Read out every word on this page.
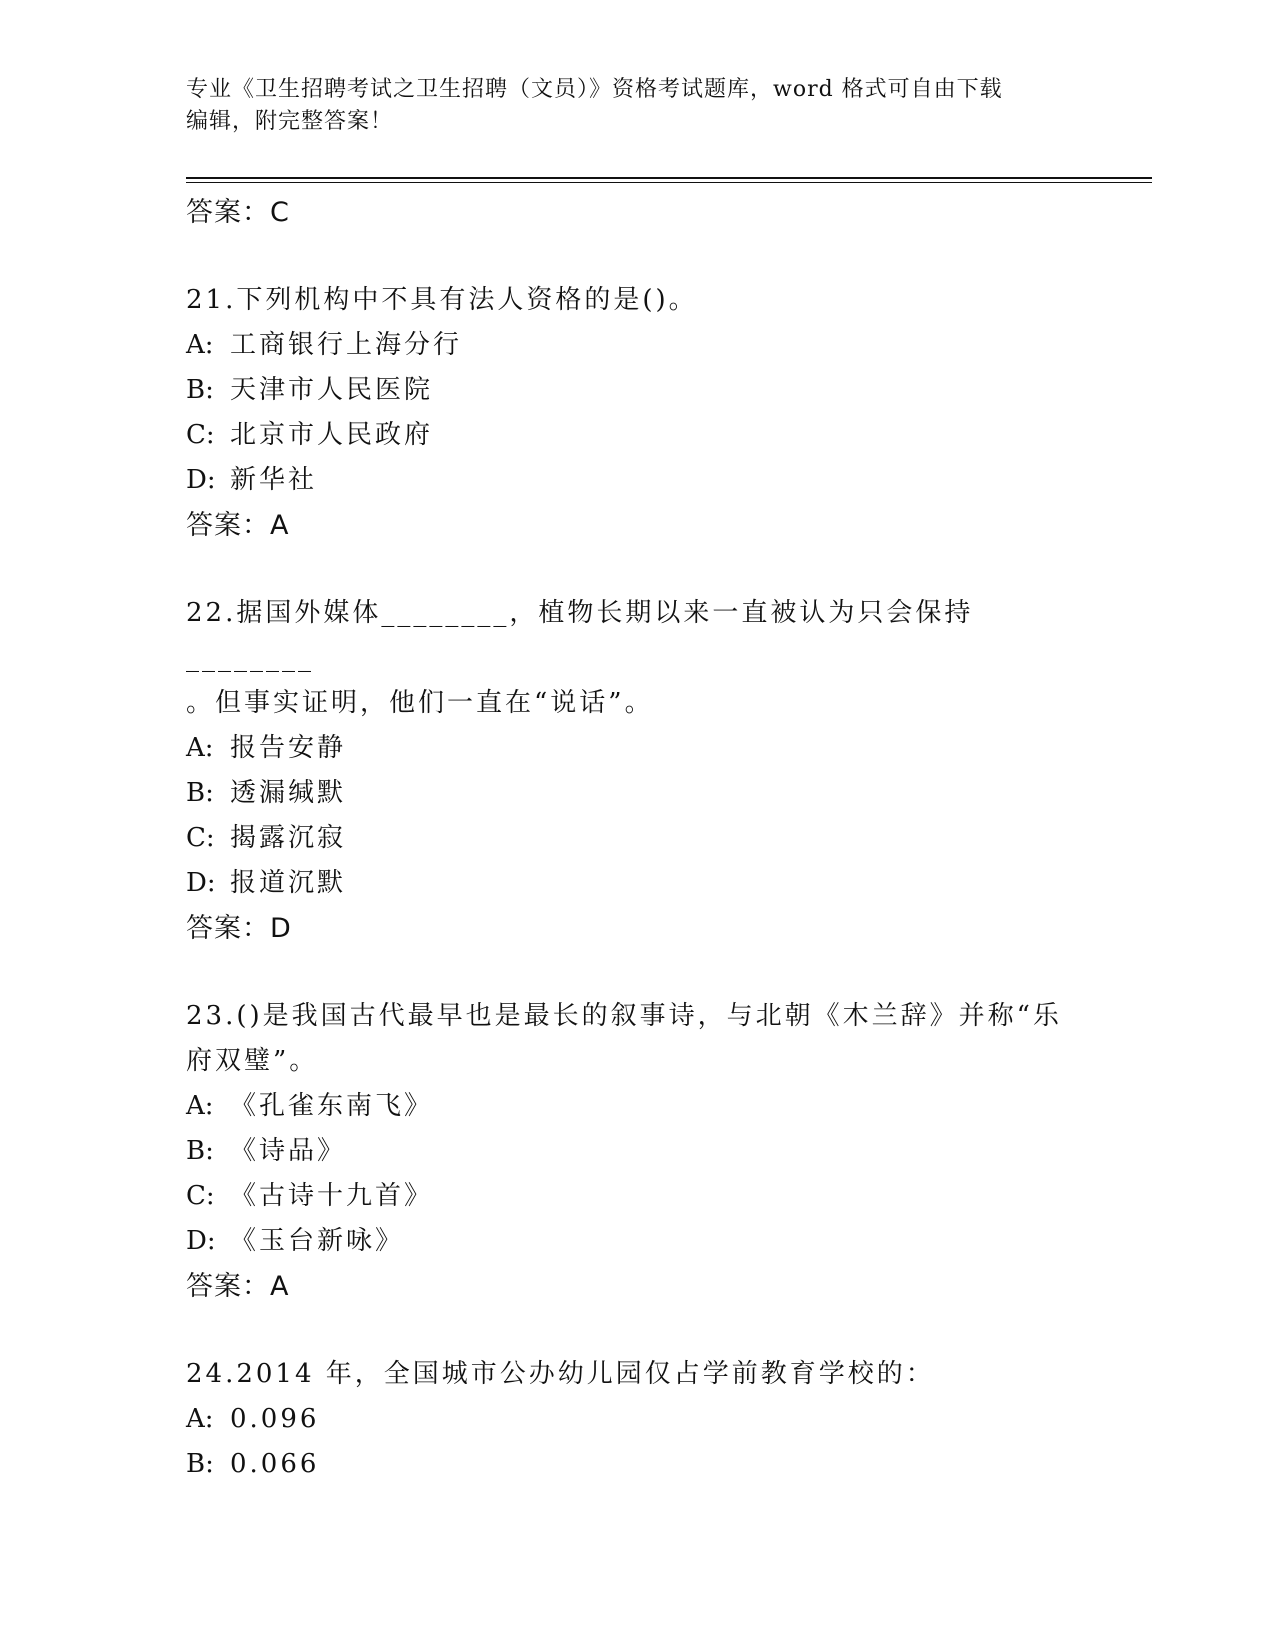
专业《卫生招聘考试之卫生招聘（文员）》资格考试题库，word 格式可自由下载
编辑，附完整答案！
答案：C
21.下列机构中不具有法人资格的是()。
A: 工商银行上海分行
B: 天津市人民医院
C: 北京市人民政府
D: 新华社
答案：A
22.据国外媒体________，植物长期以来一直被认为只会保持________
。但事实证明，他们一直在“说话”。
A: 报告安静
B: 透漏缄默
C: 揭露沉寂
D: 报道沉默
答案：D
23.()是我国古代最早也是最长的叙事诗，与北朝《木兰辞》并称“乐
府双璧”。
A: 《孔雀东南飞》
B: 《诗品》
C: 《古诗十九首》
D: 《玉台新咏》
答案：A
24.2014 年，全国城市公办幼儿园仅占学前教育学校的：
A: 0.096
B: 0.066
